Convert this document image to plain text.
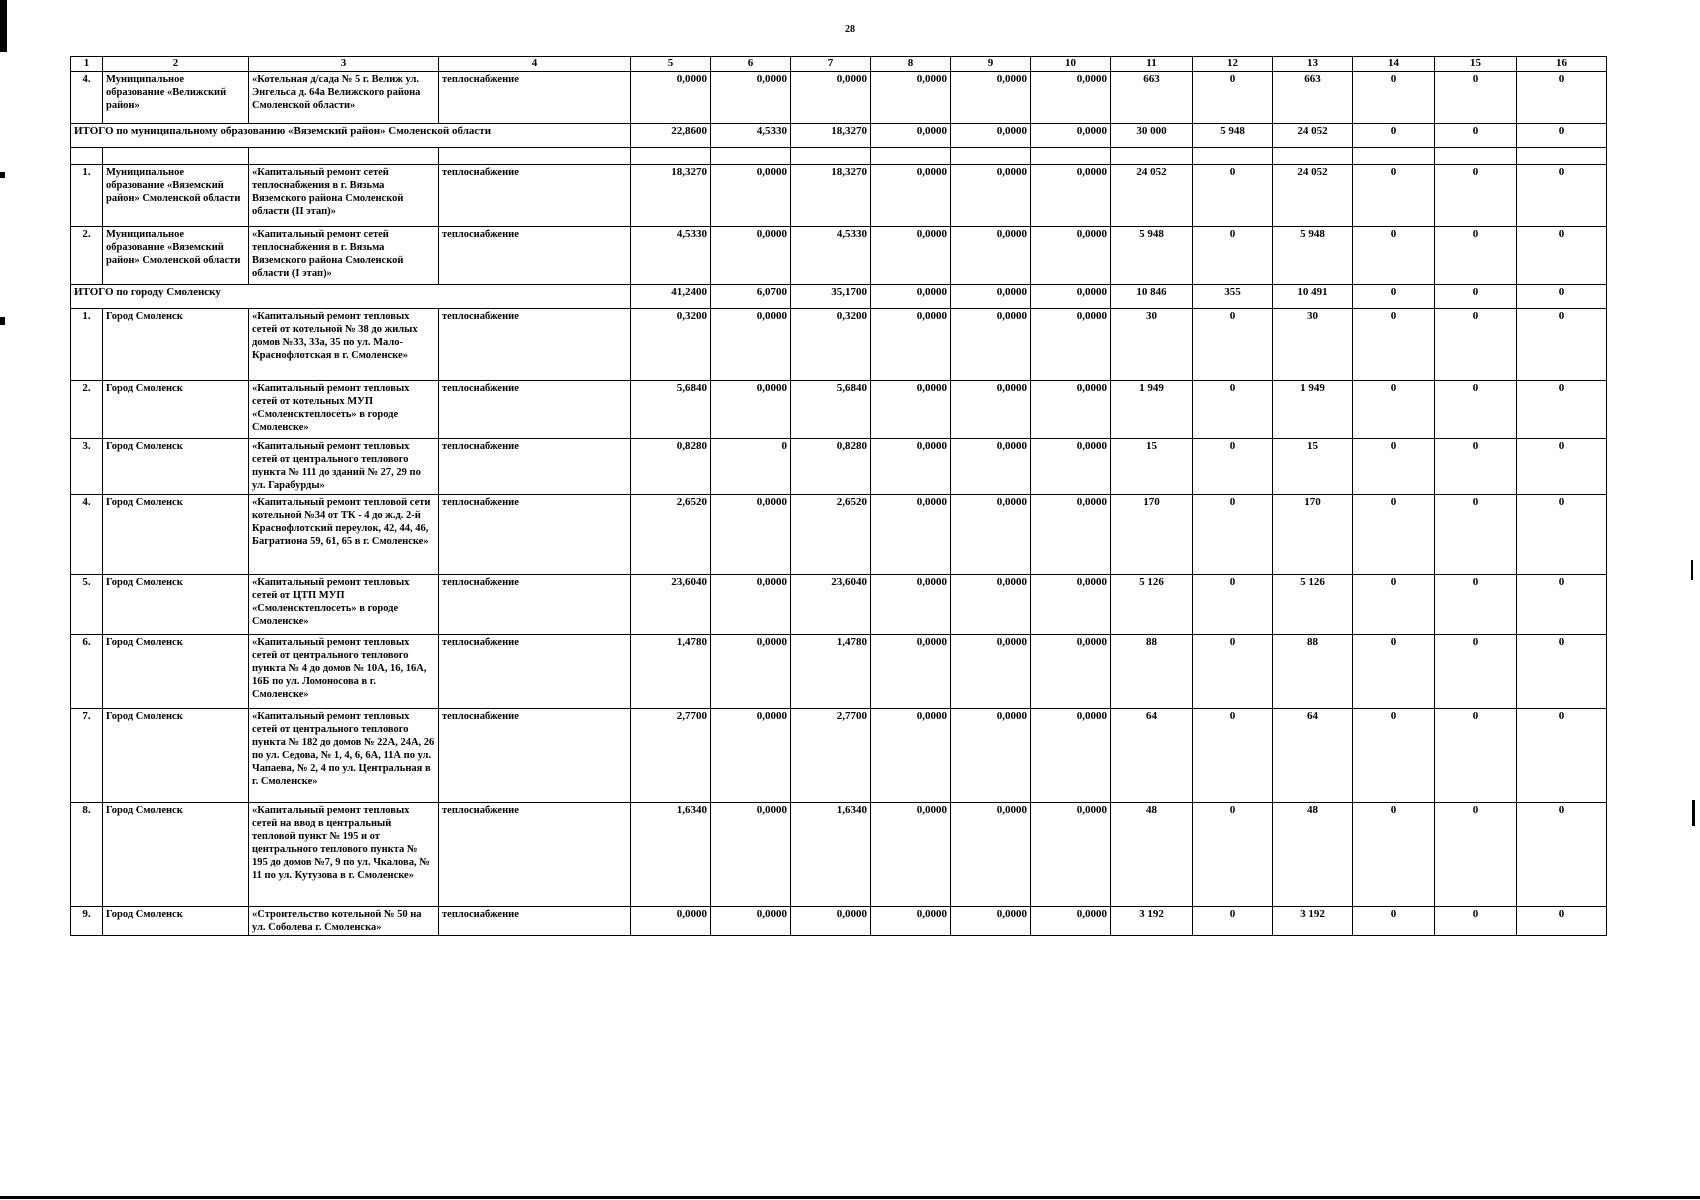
28
1	2	3	4	5	6	7	8	9	10	11	12	13	14	15	16
4.	Муниципальное образование «Велижский район»	«Котельная д/сада № 5 г. Велиж ул. Энгельса д. 64а Велижского района Смоленской области»	теплоснабжение	0,0000	0,0000	0,0000	0,0000	0,0000	0,0000	663	0	663	0	0	0
ИТОГО по муниципальному образованию «Вяземский район» Смоленской области				22,8600	4,5330	18,3270	0,0000	0,0000	0,0000	30 000	5 948	24 052	0	0	0

1.	Муниципальное образование «Вяземский район» Смоленской области	«Капитальный ремонт сетей теплоснабжения в г. Вязьма Вяземского района Смоленской области (II этап)»	теплоснабжение	18,3270	0,0000	18,3270	0,0000	0,0000	0,0000	24 052	0	24 052	0	0	0
2.	Муниципальное образование «Вяземский район» Смоленской области	«Капитальный ремонт сетей теплоснабжения в г. Вязьма Вяземского района Смоленской области (I этап)»	теплоснабжение	4,5330	0,0000	4,5330	0,0000	0,0000	0,0000	5 948	0	5 948	0	0	0
ИТОГО по городу Смоленску				41,2400	6,0700	35,1700	0,0000	0,0000	0,0000	10 846	355	10 491	0	0	0
1.	Город Смоленск	«Капитальный ремонт тепловых сетей от котельной № 38 до жилых домов №33, 33а, 35 по ул. Мало-Краснофлотская в г. Смоленске»	теплоснабжение	0,3200	0,0000	0,3200	0,0000	0,0000	0,0000	30	0	30	0	0	0
2.	Город Смоленск	«Капитальный ремонт тепловых сетей от котельных МУП «Смоленсктеплосеть» в городе Смоленске»	теплоснабжение	5,6840	0,0000	5,6840	0,0000	0,0000	0,0000	1 949	0	1 949	0	0	0
3.	Город Смоленск	«Капитальный ремонт тепловых сетей от центрального теплового пункта № 111 до зданий № 27, 29 по ул. Гарабурды»	теплоснабжение	0,8280	0	0,8280	0,0000	0,0000	0,0000	15	0	15	0	0	0
4.	Город Смоленск	«Капитальный ремонт тепловой сети котельной №34 от ТК - 4 до ж.д. 2-й Краснофлотский переулок, 42, 44, 46, Багратиона 59, 61, 65 в г. Смоленске»	теплоснабжение	2,6520	0,0000	2,6520	0,0000	0,0000	0,0000	170	0	170	0	0	0
5.	Город Смоленск	«Капитальный ремонт тепловых сетей от ЦТП МУП «Смоленсктеплосеть» в городе Смоленске»	теплоснабжение	23,6040	0,0000	23,6040	0,0000	0,0000	0,0000	5 126	0	5 126	0	0	0
6.	Город Смоленск	«Капитальный ремонт тепловых сетей от центрального теплового пункта № 4 до домов № 10А, 16, 16А, 16Б по ул. Ломоносова в г. Смоленске»	теплоснабжение	1,4780	0,0000	1,4780	0,0000	0,0000	0,0000	88	0	88	0	0	0
7.	Город Смоленск	«Капитальный ремонт тепловых сетей от центрального теплового пункта № 182 до домов № 22А, 24А, 26 по ул. Седова, № 1, 4, 6, 6А, 11А по ул. Чапаева, № 2, 4 по ул. Центральная в г. Смоленске»	теплоснабжение	2,7700	0,0000	2,7700	0,0000	0,0000	0,0000	64	0	64	0	0	0
8.	Город Смоленск	«Капитальный ремонт тепловых сетей на ввод в центральный тепловой пункт № 195 и от центрального теплового пункта № 195 до домов №7, 9 по ул. Чкалова, № 11 по ул. Кутузова в г. Смоленске»	теплоснабжение	1,6340	0,0000	1,6340	0,0000	0,0000	0,0000	48	0	48	0	0	0
9.	Город Смоленск	«Строительство котельной № 50 на ул. Соболева г. Смоленска»	теплоснабжение	0,0000	0,0000	0,0000	0,0000	0,0000	0,0000	3 192	0	3 192	0	0	0
